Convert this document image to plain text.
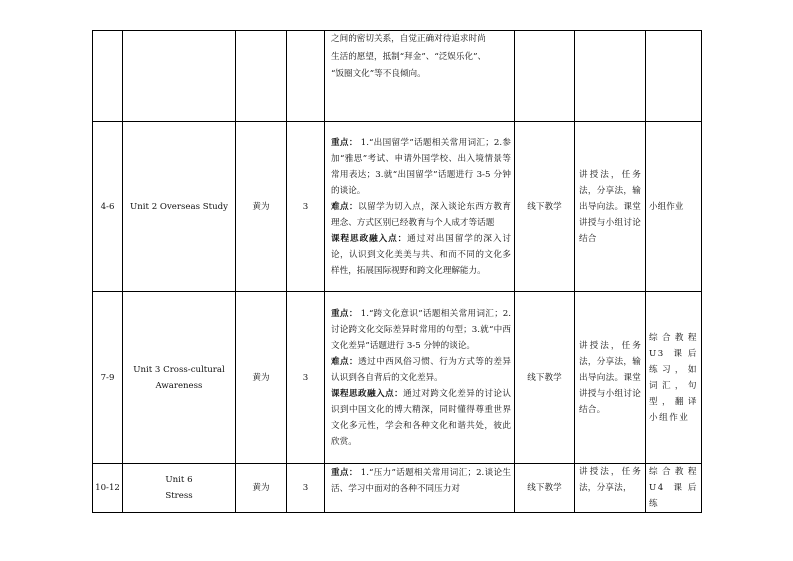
				之间的密切关系，自觉正确对待追求时尚
生活的愿望，抵制“拜金”、“泛娱乐化”、
“饭圈文化”等不良倾向。			

4-6	Unit 2 Overseas Study	黄为	3	重点： 1.“出国留学”话题相关常用词汇；2.参加“雅思”考试、申请外国学校、出入境情景等常用表达；3.就“出国留学”话题进行 3-5 分钟的谈论。
难点：以留学为切入点，深入谈论东西方教育理念、方式区别已经教育与个人成才等话题
课程思政融入点：通过对出国留学的深入讨论，认识到文化美美与共、和而不同的文化多样性，拓展国际视野和跨文化理解能力。	线下教学	讲授法，任务法，分享法，输出导向法。课堂讲授与小组讨论结合	小组作业
7-9	Unit 3 Cross-cultural
Awareness	黄为	3	重点： 1.“跨文化意识”话题相关常用词汇；2.讨论跨文化交际差异时常用的句型；3.就“中西文化差异”话题进行 3-5 分钟的谈论。
难点：透过中西风俗习惯、行为方式等的差异认识到各自背后的文化差异。
课程思政融入点：通过对跨文化差异的讨论认识到中国文化的博大精深，同时懂得尊重世界文化多元性，学会和各种文化和谐共处，彼此欣赏。	线下教学	讲授法，任务法，分享法，输出导向法。课堂讲授与小组讨论结合。	综合教程U3 课后练习，如词汇，句型，翻译小组作业
10-12	Unit 6
Stress	黄为	3	重点： 1.“压力”话题相关常用词汇；2.谈论生活、学习中面对的各种不同压力对	线下教学	讲授法，任务法，分享法，	综合教程U4 课后练
